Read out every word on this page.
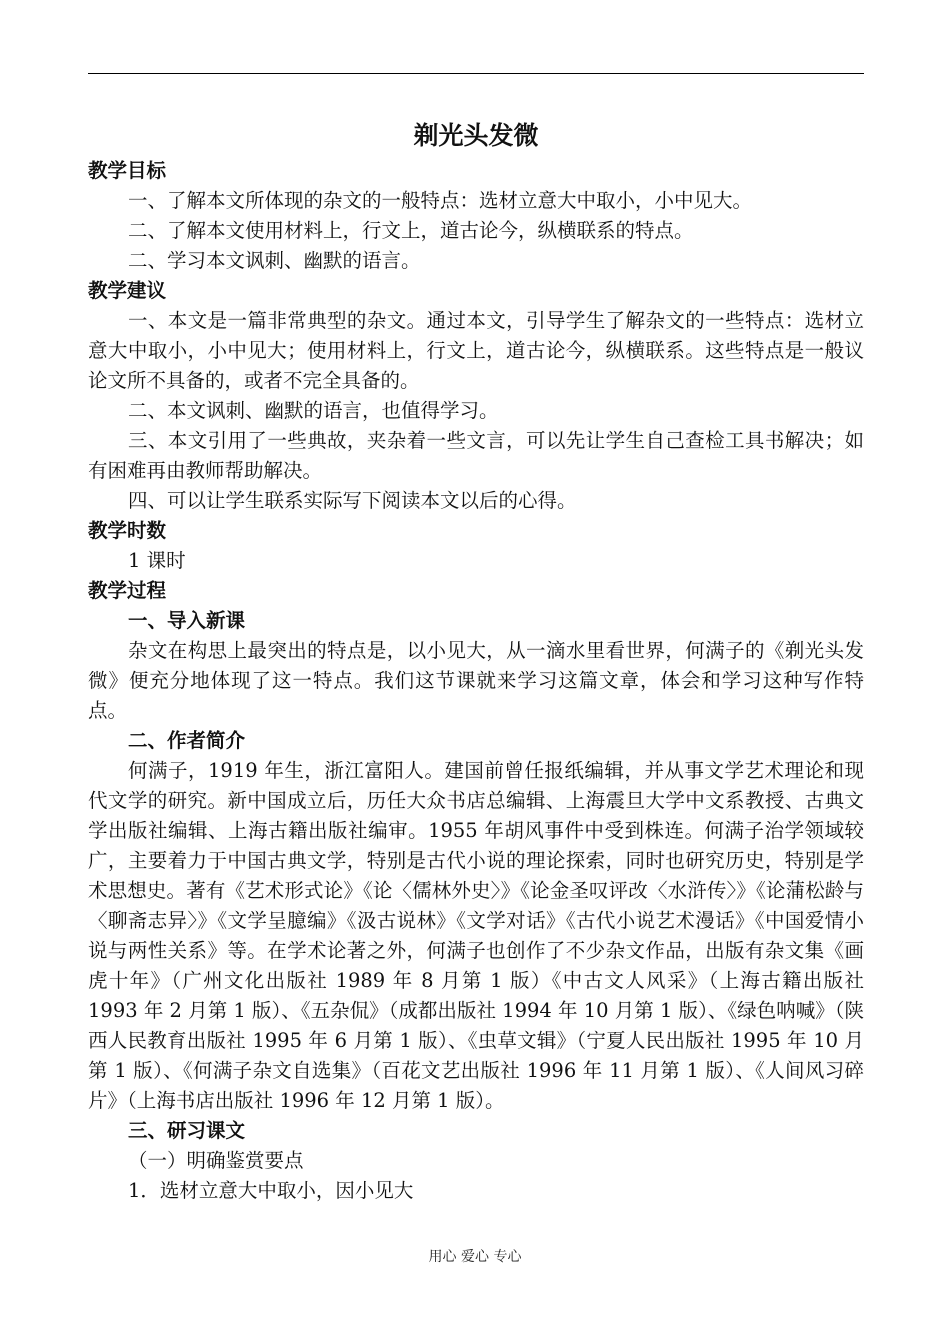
剃光头发微
教学目标

一、了解本文所体现的杂文的一般特点：选材立意大中取小，小中见大。

二、了解本文使用材料上，行文上，道古论今，纵横联系的特点。

二、学习本文讽刺、幽默的语言。

教学建议

一、本文是一篇非常典型的杂文。通过本文，引导学生了解杂文的一些特点：选材立意大中取小，小中见大；使用材料上，行文上，道古论今，纵横联系。这些特点是一般议论文所不具备的，或者不完全具备的。

二、本文讽刺、幽默的语言，也值得学习。

三、本文引用了一些典故，夹杂着一些文言，可以先让学生自己查检工具书解决；如有困难再由教师帮助解决。

四、可以让学生联系实际写下阅读本文以后的心得。

教学时数

1 课时

教学过程
一、导入新课

杂文在构思上最突出的特点是，以小见大，从一滴水里看世界，何满子的《剃光头发微》便充分地体现了这一特点。我们这节课就来学习这篇文章，体会和学习这种写作特点。

二、作者简介

何满子，1919 年生，浙江富阳人。建国前曾任报纸编辑，并从事文学艺术理论和现代文学的研究。新中国成立后，历任大众书店总编辑、上海震旦大学中文系教授、古典文学出版社编辑、上海古籍出版社编审。1955 年胡风事件中受到株连。何满子治学领域较广，主要着力于中国古典文学，特别是古代小说的理论探索，同时也研究历史，特别是学术思想史。著有《艺术形式论》《论〈儒林外史〉》《论金圣叹评改〈水浒传〉》《论蒲松龄与〈聊斋志异〉》《文学呈臆编》《汲古说林》《文学对话》《古代小说艺术漫话》《中国爱情小说与两性关系》等。在学术论著之外，何满子也创作了不少杂文作品，出版有杂文集《画虎十年》（广州文化出版社 1989 年 8 月第 1 版）《中古文人风采》（上海古籍出版社 1993 年 2 月第 1 版）、《五杂侃》（成都出版社 1994 年 10 月第 1 版）、《绿色呐喊》（陕西人民教育出版社 1995 年 6 月第 1 版）、《虫草文辑》（宁夏人民出版社 1995 年 10 月第 1 版）、《何满子杂文自选集》（百花文艺出版社 1996 年 11 月第 1 版）、《人间风习碎片》（上海书店出版社 1996 年 12 月第 1 版）。

三、研习课文

（一）明确鉴赏要点

1．选材立意大中取小，因小见大

用心 爱心 专心
